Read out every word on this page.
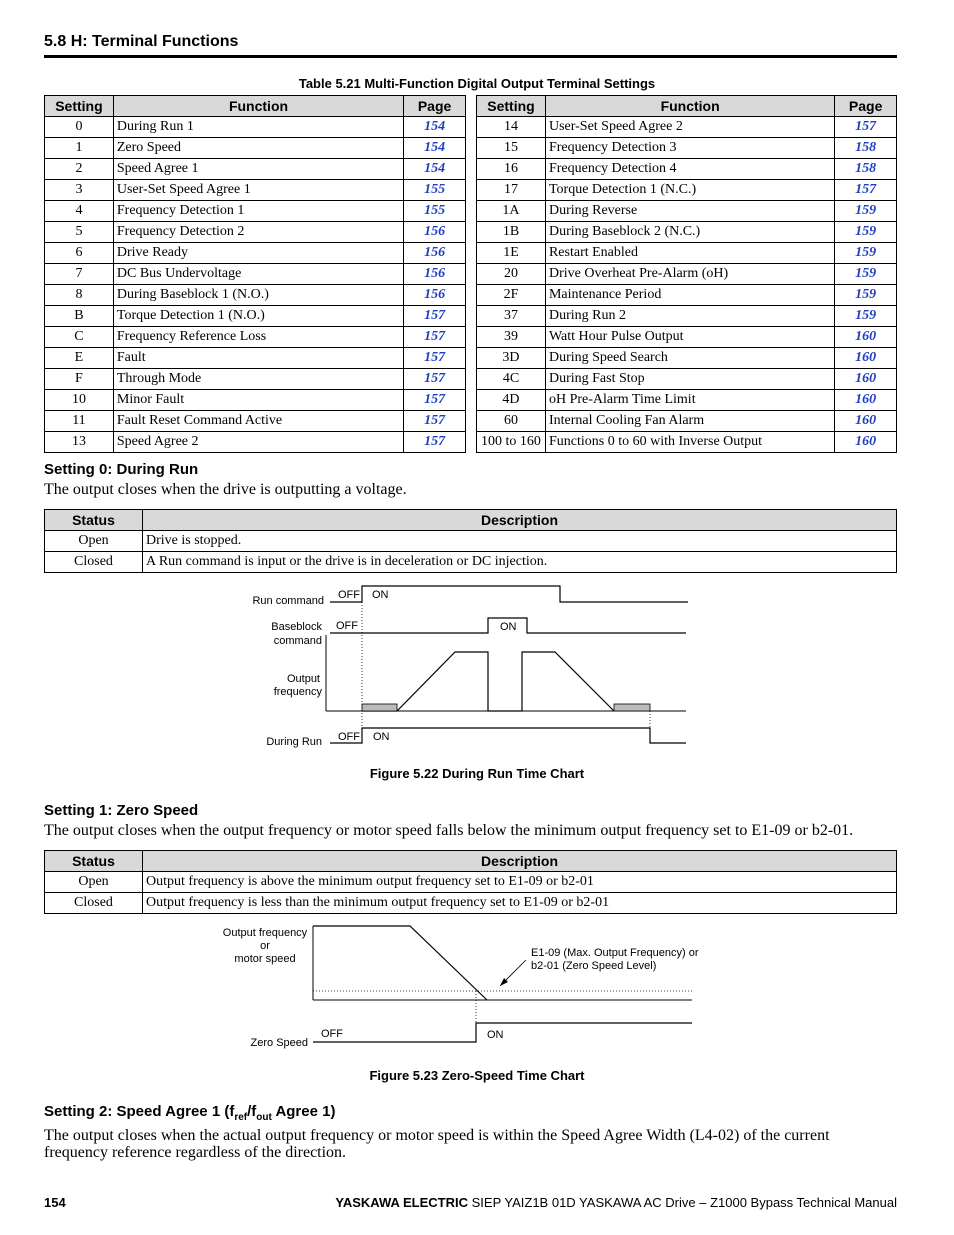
5.8 H: Terminal Functions
Table 5.21 Multi-Function Digital Output Terminal Settings
Setting	Function	Page
0	During Run 1	154
1	Zero Speed	154
2	Speed Agree 1	154
3	User-Set Speed Agree 1	155
4	Frequency Detection 1	155
5	Frequency Detection 2	156
6	Drive Ready	156
7	DC Bus Undervoltage	156
8	During Baseblock 1 (N.O.)	156
B	Torque Detection 1 (N.O.)	157
C	Frequency Reference Loss	157
E	Fault	157
F	Through Mode	157
10	Minor Fault	157
11	Fault Reset Command Active	157
13	Speed Agree 2	157
Setting	Function	Page
14	User-Set Speed Agree 2	157
15	Frequency Detection 3	158
16	Frequency Detection 4	158
17	Torque Detection 1 (N.C.)	157
1A	During Reverse	159
1B	During Baseblock 2 (N.C.)	159
1E	Restart Enabled	159
20	Drive Overheat Pre-Alarm (oH)	159
2F	Maintenance Period	159
37	During Run 2	159
39	Watt Hour Pulse Output	160
3D	During Speed Search	160
4C	During Fast Stop	160
4D	oH Pre-Alarm Time Limit	160
60	Internal Cooling Fan Alarm	160
100 to 160	Functions 0 to 60 with Inverse Output	160
Setting 0: During Run
The output closes when the drive is outputting a voltage.
Status	Description
Open	Drive is stopped.
Closed	A Run command is input or the drive is in deceleration or DC injection.
Run command
Baseblock
command
Output
frequency
During Run
OFF ON
OFF	ON
OFF ON
Figure 5.22 During Run Time Chart
Setting 1: Zero Speed
The output closes when the output frequency or motor speed falls below the minimum output frequency set to E1-09 or b2-01.
Status	Description
Open	Output frequency is above the minimum output frequency set to E1-09 or b2-01
Closed	Output frequency is less than the minimum output frequency set to E1-09 or b2-01
Output frequency
or
motor speed	E1-09 (Max. Output Frequency) or
b2-01 (Zero Speed Level)
Zero Speed
OFF	ON
Figure 5.23 Zero-Speed Time Chart
Setting 2: Speed Agree 1 ($f_{ref}/f_{out}$ Agree 1)
The output closes when the actual output frequency or motor speed is within the Speed Agree Width (L4-02) of the current frequency reference regardless of the direction.
154	YASKAWA ELECTRIC SIEP YAIZ1B 01D YASKAWA AC Drive – Z1000 Bypass Technical Manual
